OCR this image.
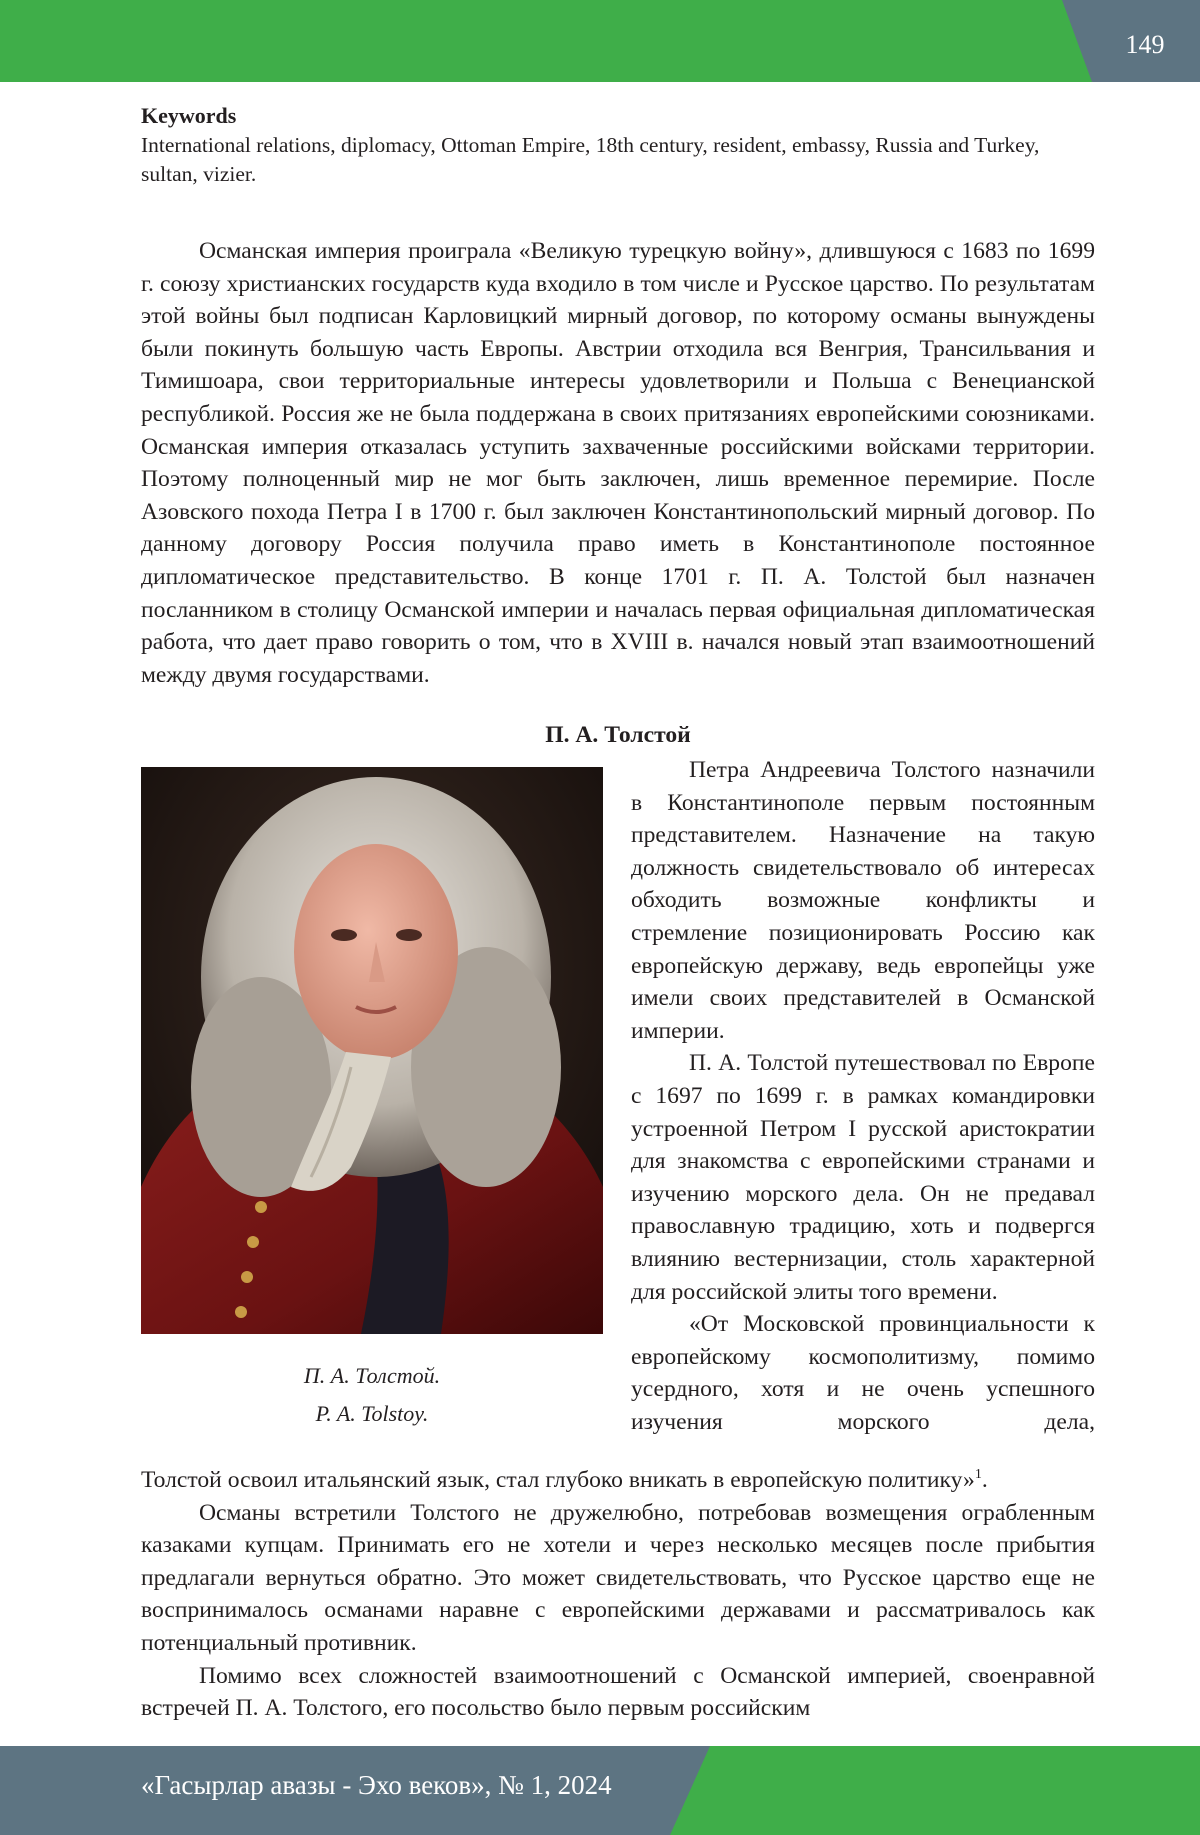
149
Keywords
International relations, diplomacy, Ottoman Empire, 18th century, resident, embassy, Russia and Turkey, sultan, vizier.

Османская империя проиграла «Великую турецкую войну», длившуюся с 1683 по 1699 г. союзу христианских государств куда входило в том числе и Русское царство. По результатам этой войны был подписан Карловицкий мирный договор, по которому османы вынуждены были покинуть большую часть Европы. Австрии отходила вся Венгрия, Трансильвания и Тимишоара, свои территориальные интересы удовлетворили и Польша с Венецианской республикой. Россия же не была поддержана в своих притязаниях европейскими союзниками. Османская империя отказалась уступить захваченные российскими войсками территории. Поэтому полноценный мир не мог быть заключен, лишь временное перемирие. После Азовского похода Петра I в 1700 г. был заключен Константинопольский мирный договор. По данному договору Россия получила право иметь в Константинополе постоянное дипломатическое представительство. В конце 1701 г. П. А. Толстой был назначен посланником в столицу Османской империи и началась первая официальная дипломатическая работа, что дает право говорить о том, что в XVIII в. начался новый этап взаимоотношений между двумя государствами.

П. А. Толстой
П. А. Толстой.
P. A. Tolstoy.

Петра Андреевича Толстого назначили в Константинополе первым постоянным представителем. Назначение на такую должность свидетельствовало об интересах обходить возможные конфликты и стремление позиционировать Россию как европейскую державу, ведь европейцы уже имели своих представителей в Османской империи.

П. А. Толстой путешествовал по Европе с 1697 по 1699 г. в рамках командировки устроенной Петром I русской аристократии для знакомства с европейскими странами и изучению морского дела. Он не предавал православную традицию, хоть и подвергся влиянию вестернизации, столь характерной для российской элиты того времени.

«От Московской провинциальности к европейскому космополитизму, помимо усердного, хотя и не очень успешного изучения морского дела,

Толстой освоил итальянский язык, стал глубоко вникать в европейскую политику»$^1$.

Османы встретили Толстого не дружелюбно, потребовав возмещения ограбленным казаками купцам. Принимать его не хотели и через несколько месяцев после прибытия предлагали вернуться обратно. Это может свидетельствовать, что Русское царство еще не воспринималось османами наравне с европейскими державами и рассматривалось как потенциальный противник.

Помимо всех сложностей взаимоотношений с Османской империей, своенравной встречей П. А. Толстого, его посольство было первым российским

«Гасырлар авазы - Эхо веков», № 1, 2024
